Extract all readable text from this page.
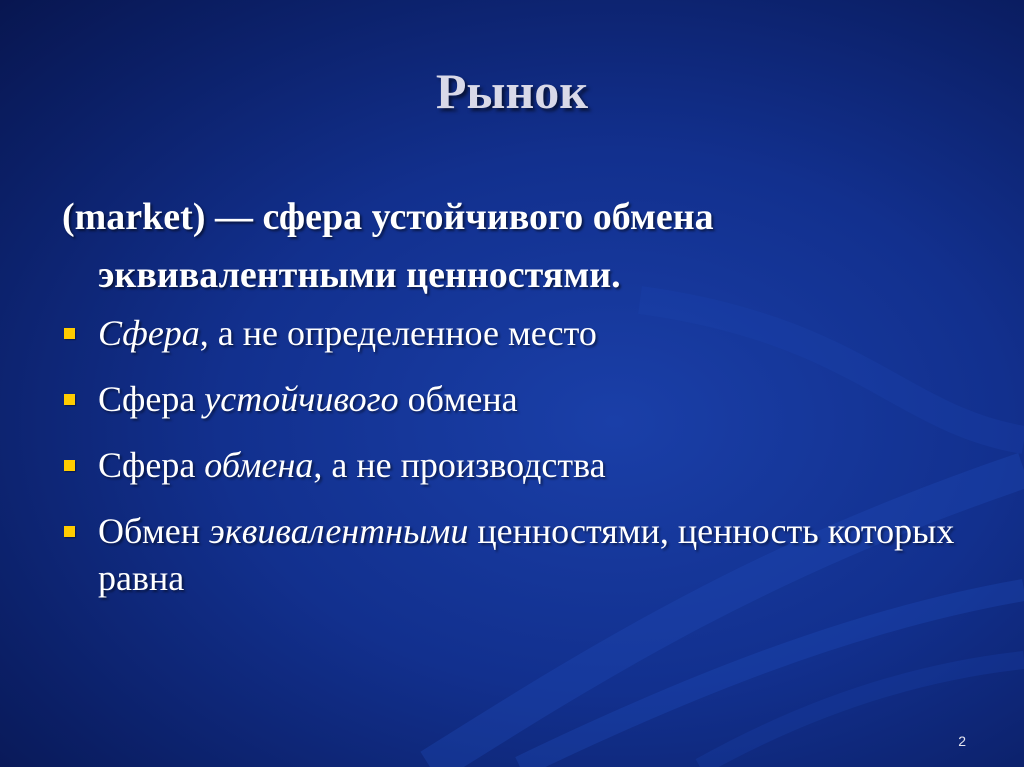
Рынок
(market) — сфера устойчивого обмена
эквивалентными ценностями.
Сфера, а не определенное место
Сфера устойчивого обмена
Сфера обмена, а не производства
Обмен эквивалентными ценностями, ценность которых равна
2
